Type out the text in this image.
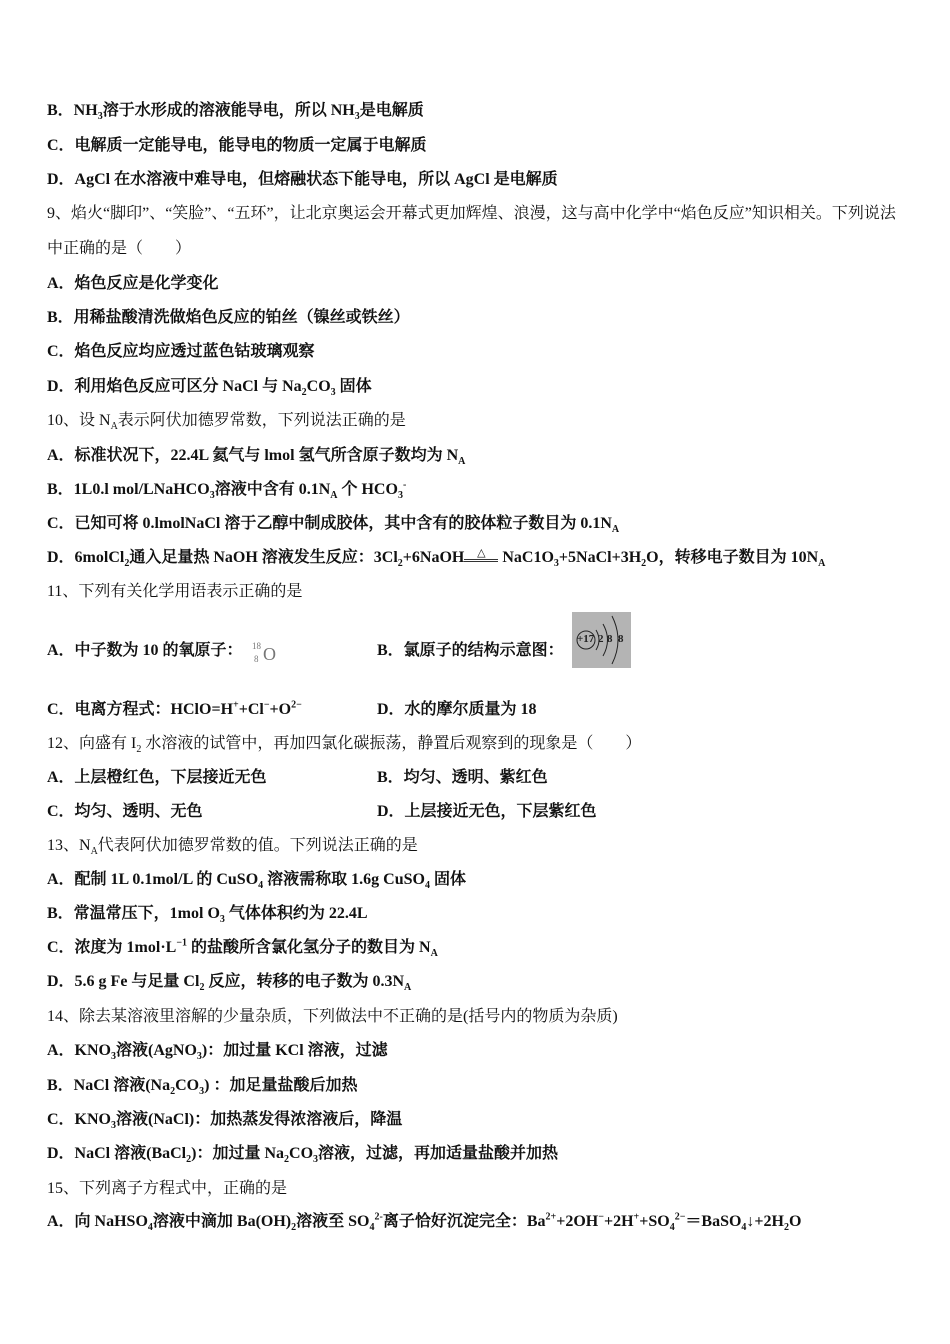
B．$NH_3$溶于水形成的溶液能导电，所以 $NH_3$是电解质
C．电解质一定能导电，能导电的物质一定属于电解质
D．AgCl 在水溶液中难导电，但熔融状态下能导电，所以 AgCl 是电解质
9、焰火“脚印”、“笑脸”、“五环”，让北京奥运会开幕式更加辉煌、浪漫，这与高中化学中“焰色反应”知识相关。下列说法
中正确的是（　　）
A．焰色反应是化学变化
B．用稀盐酸清洗做焰色反应的铂丝（镍丝或铁丝）
C．焰色反应均应透过蓝色钴玻璃观察
D．利用焰色反应可区分 NaCl 与 $Na_2CO_3$ 固体
10、设 $N_A$表示阿伏加德罗常数，下列说法正确的是
A．标准状况下，22.4L 氦气与 lmol 氢气所含原子数均为 $N_A$
B．1L0.l mol/LNaHCO$_3$溶液中含有 $0.1N_A$ 个 $HCO_3^-$
C．已知可将 0.lmolNaCl 溶于乙醇中制成胶体，其中含有的胶体粒子数目为 $0.1N_A$
D．6molCl$_2$通入足量热 NaOH 溶液发生反应：$3Cl_2+6NaOH$ △ $NaC1O_3+5NaCl+3H_2O$，转移电子数目为 $10N_A$
11、下列有关化学用语表示正确的是
A．中子数为 10 的氧原子：	B．氯原子的结构示意图：
C．电离方程式：$HClO=H^++Cl^-+O^{2-}$	D．水的摩尔质量为 18
12、向盛有 $I_2$ 水溶液的试管中，再加四氯化碳振荡，静置后观察到的现象是（　　）
A．上层橙红色，下层接近无色	B．均匀、透明、紫红色
C．均匀、透明、无色	D．上层接近无色，下层紫红色
13、$N_A$代表阿伏加德罗常数的值。下列说法正确的是
A．配制 1L 0.1mol/L 的 CuSO$_4$ 溶液需称取 1.6g CuSO$_4$ 固体
B．常温常压下，1mol $O_3$ 气体体积约为 22.4L
C．浓度为 $1mol\cdot L^{-1}$ 的盐酸所含氯化氢分子的数目为 $N_A$
D．5.6 g Fe 与足量 $Cl_2$ 反应，转移的电子数为 $0.3N_A$
14、除去某溶液里溶解的少量杂质，下列做法中不正确的是(括号内的物质为杂质)
A．$KNO_3$溶液(AgNO$_3$)：加过量 KCl 溶液，过滤
B．NaCl 溶液$(Na_2CO_3)$ ：加足量盐酸后加热
C．$KNO_3$溶液(NaCl)：加热蒸发得浓溶液后，降温
D．NaCl 溶液(BaCl$_2$)：加过量 $Na_2CO_3$溶液，过滤，再加适量盐酸并加热
15、下列离子方程式中，正确的是
A．向 NaHSO$_4$溶液中滴加 $Ba(OH)_2$溶液至 $SO_4^{2-}$离子恰好沉淀完全：$Ba^{2+}+2OH^-+2H^++SO_4^{2-}=BaSO_4↓+2H_2O$
18
8 O
+17 2 8 8
